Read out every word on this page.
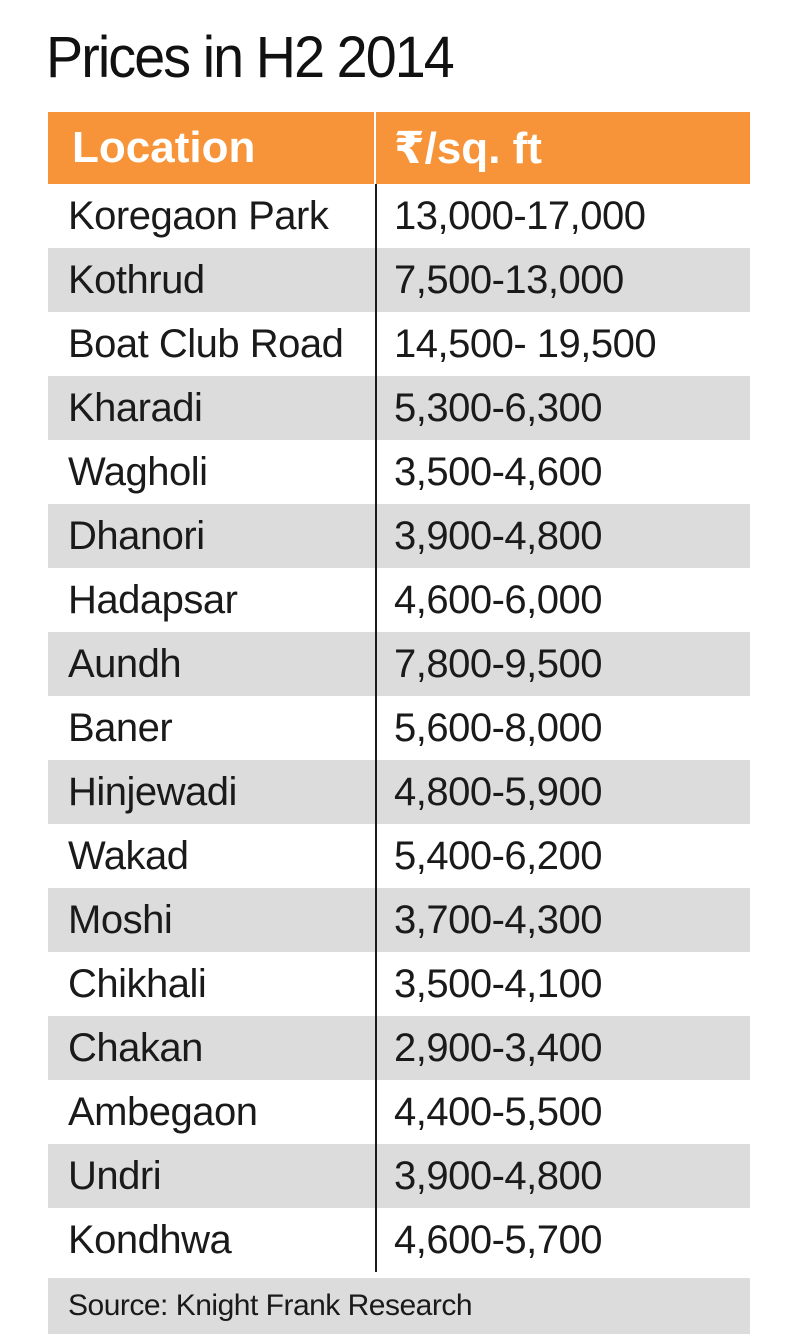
Prices in H2 2014
Location	₹/sq. ft
Koregaon Park	13,000-17,000
Kothrud	7,500-13,000
Boat Club Road	14,500- 19,500
Kharadi	5,300-6,300
Wagholi	3,500-4,600
Dhanori	3,900-4,800
Hadapsar	4,600-6,000
Aundh	7,800-9,500
Baner	5,600-8,000
Hinjewadi	4,800-5,900
Wakad	5,400-6,200
Moshi	3,700-4,300
Chikhali	3,500-4,100
Chakan	2,900-3,400
Ambegaon	4,400-5,500
Undri	3,900-4,800
Kondhwa	4,600-5,700
Source: Knight Frank Research
